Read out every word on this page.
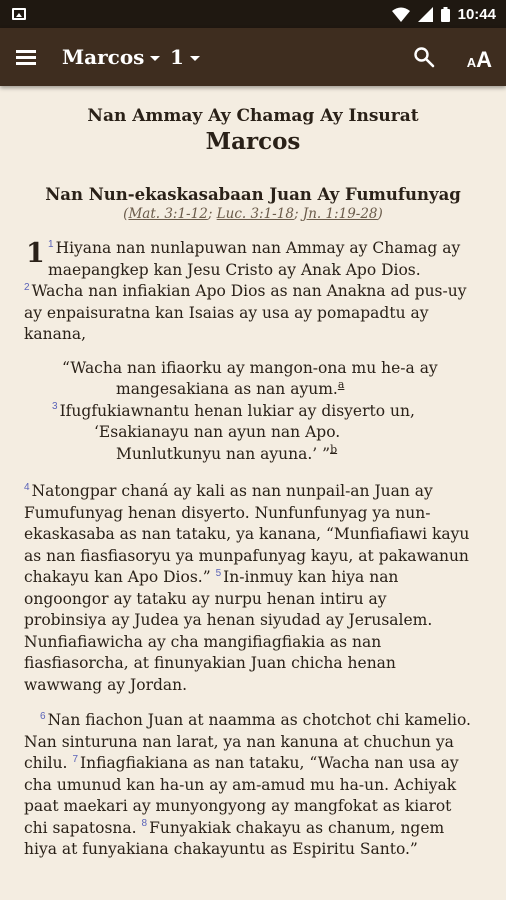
10:44
Marcos 1	A A
Nan Ammay Ay Chamag Ay Insurat
Marcos
Nan Nun-ekaskasabaan Juan Ay Fumufunyag
(Mat. 3:1-12; Luc. 3:1-18; Jn. 1:19-28)
1 $^1$ Hiyana nan nunlapuwan nan Ammay ay Chamag ay
maepangkep kan Jesu Cristo ay Anak Apo Dios.
$^2$ Wacha nan infiakian Apo Dios as nan Anakna ad pus-uy
ay enpaisuratna kan Isaias ay usa ay pomapadtu ay
kanana,
“Wacha nan ifiaorku ay mangon-ona mu he-a ay
mangesakiana as nan ayum.$^a$
$^3$ Ifugfukiawnantu henan lukiar ay disyerto un,
‘Esakianayu nan ayun nan Apo.
Munlutkunyu nan ayuna.’ ”$^b$
$^4$ Natongpar chaná ay kali as nan nunpail-an Juan ay
Fumufunyag henan disyerto. Nunfunfunyag ya nun-
ekaskasaba as nan tataku, ya kanana, “Munfiafiawi kayu
as nan fiasfiasoryu ya munpafunyag kayu, at pakawanun
chakayu kan Apo Dios.” $^5$ In-inmuy kan hiya nan
ongoongor ay tataku ay nurpu henan intiru ay
probinsiya ay Judea ya henan siyudad ay Jerusalem.
Nunfiafiawicha ay cha mangifiagfiakia as nan
fiasfiasorcha, at finunyakian Juan chicha henan
wawwang ay Jordan.
$^6$ Nan fiachon Juan at naamma as chotchot chi kamelio.
Nan sinturuna nan larat, ya nan kanuna at chuchun ya
chilu. $^7$ Infiagfiakiana as nan tataku, “Wacha nan usa ay
cha umunud kan ha-un ay am-amud mu ha-un. Achiyak
paat maekari ay munyongyong ay mangfokat as kiarot
chi sapatosna. $^8$ Funyakiak chakayu as chanum, ngem
hiya at funyakiana chakayuntu as Espiritu Santo.”
